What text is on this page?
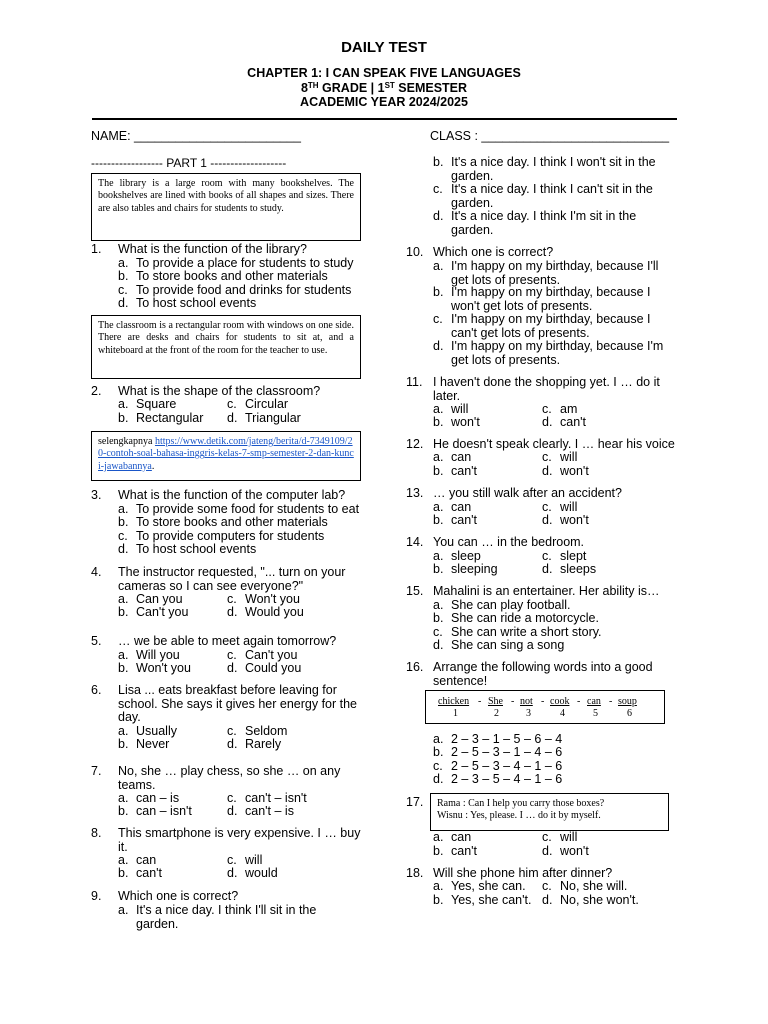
DAILY TEST
CHAPTER 1: I CAN SPEAK FIVE LANGUAGES
8TH GRADE | 1ST SEMESTER
ACADEMIC YEAR 2024/2025
NAME: ________________________	CLASS : ___________________________
------------------ PART 1 -------------------
The library is a large room with many bookshelves. The bookshelves are lined with books of all shapes and sizes. There are also tables and chairs for students to study.
1. What is the function of the library?
a. To provide a place for students to study
b. To store books and other materials
c. To provide food and drinks for students
d. To host school events
The classroom is a rectangular room with windows on one side. There are desks and chairs for students to sit at, and a whiteboard at the front of the room for the teacher to use.
2. What is the shape of the classroom?
a. Square	c. Circular
b. Rectangular d. Triangular
selengkapnya https://www.detik.com/jateng/berita/d-7349109/20-contoh-soal-bahasa-inggris-kelas-7-smp-semester-2-dan-kunci-jawabannya.
3. What is the function of the computer lab?
a. To provide some food for students to eat
b. To store books and other materials
c. To provide computers for students
d. To host school events
4. The instructor requested, "... turn on your
cameras so I can see everyone?"
a. Can you	c. Won't you
b. Can't you	d. Would you
5. … we be able to meet again tomorrow?
a. Will you	c. Can't you
b. Won't you	d. Could you
6. Lisa ... eats breakfast before leaving for
school. She says it gives her energy for the
day.
a. Usually	c. Seldom
b. Never	d. Rarely
7. No, she … play chess, so she … on any
teams.
a. can – is	c. can't – isn't
b. can – isn't	d. can't – is
8. This smartphone is very expensive. I … buy
it.
a. can	c. will
b. can't	d. would
9. Which one is correct?
a. It's a nice day. I think I'll sit in the
garden.
b. It's a nice day. I think I won't sit in the
garden.
c. It's a nice day. I think I can't sit in the
garden.
d. It's a nice day. I think I'm sit in the
garden.
10. Which one is correct?
a. I'm happy on my birthday, because I'll
get lots of presents.
b. I'm happy on my birthday, because I
won't get lots of presents.
c. I'm happy on my birthday, because I
can't get lots of presents.
d. I'm happy on my birthday, because I'm
get lots of presents.
11. I haven't done the shopping yet. I … do it
later.
a. will	c. am
b. won't	d. can't
12. He doesn't speak clearly. I … hear his voice
a. can	c. will
b. can't	d. won't
13. … you still walk after an accident?
a. can	c. will
b. can't	d. won't
14. You can … in the bedroom.
a. sleep	c. slept
b. sleeping	d. sleeps
15. Mahalini is an entertainer. Her ability is…
a. She can play football.
b. She can ride a motorcycle.
c. She can write a short story.
d. She can sing a song
16. Arrange the following words into a good
sentence!
chicken - She - not - cook - can - soup
1	2	3	4	5	6
a. 2 – 3 – 1 – 5 – 6 – 4
b. 2 – 5 – 3 – 1 – 4 – 6
c. 2 – 5 – 3 – 4 – 1 – 6
d. 2 – 3 – 5 – 4 – 1 – 6
17. Rama : Can I help you carry those boxes?
Wisnu : Yes, please. I … do it by myself.
a. can	c. will
b. can't	d. won't
18. Will she phone him after dinner?
a. Yes, she can. c. No, she will.
b. Yes, she can't. d. No, she won't.
